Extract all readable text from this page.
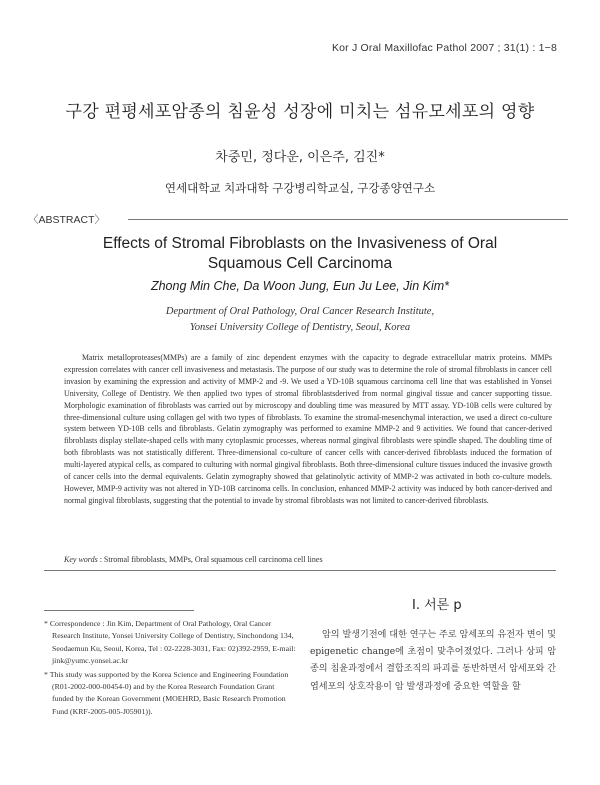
Kor J Oral Maxillofac Pathol 2007 ; 31(1) : 1−8
구강 편평세포암종의 침윤성 성장에 미치는 섬유모세포의 영향
차중민, 정다운, 이은주, 김진*
연세대학교 치과대학 구강병리학교실, 구강종양연구소
〈ABSTRACT〉
Effects of Stromal Fibroblasts on the Invasiveness of Oral
Squamous Cell Carcinoma
Zhong Min Che, Da Woon Jung, Eun Ju Lee, Jin Kim*
Department of Oral Pathology, Oral Cancer Research Institute,
Yonsei University College of Dentistry, Seoul, Korea

Matrix metalloproteases(MMPs) are a family of zinc dependent enzymes with the capacity to degrade extracellular matrix proteins. MMPs expression correlates with cancer cell invasiveness and metastasis. The purpose of our study was to determine the role of stromal fibroblasts in cancer cell invasion by examining the expression and activity of MMP-2 and -9. We used a YD-10B squamous carcinoma cell line that was established in Yonsei University, College of Dentistry. We then applied two types of stromal fibroblastsderived from normal gingival tissue and cancer supporting tissue. Morphologic examination of fibroblasts was carried out by microscopy and doubling time was measured by MTT assay. YD-10B cells were cultured by three-dimensional culture using collagen gel with two types of fibroblasts. To examine the stromal-mesenchymal interaction, we used a direct co-culture system between YD-10B cells and fibroblasts. Gelatin zymography was performed to examine MMP-2 and 9 activities. We found that cancer-derived fibroblasts display stellate-shaped cells with many cytoplasmic processes, whereas normal gingival fibroblasts were spindle shaped. The doubling time of both fibroblasts was not statistically different. Three-dimensional co-culture of cancer cells with cancer-derived fibroblasts induced the formation of multi-layered atypical cells, as compared to culturing with normal gingival fibroblasts. Both three-dimensional culture tissues induced the invasive growth of cancer cells into the dermal equivalents. Gelatin zymography showed that gelatinolytic activity of MMP-2 was activated in both co-culture models. However, MMP-9 activity was not altered in YD-10B carcinoma cells. In conclusion, enhanced MMP-2 activity was induced by both cancer-derived and normal gingival fibroblasts, suggesting that the potential to invade by stromal fibroblasts was not limited to cancer-derived fibroblasts.

Key words : Stromal fibroblasts, MMPs, Oral squamous cell carcinoma cell lines

* Correspondence : Jin Kim, Department of Oral Pathology, Oral Cancer Research Institute, Yonsei University College of Dentistry, Sinchondong 134, Seodaemun Ku, Seoul, Korea, Tel : 02-2228-3031, Fax: 02)392-2959, E-mail: jink@yumc.yonsei.ac.kr

* This study was supported by the Korea Science and Engineering Foundation (R01-2002-000-00454-0) and by the Korea Research Foundation Grant funded by the Korean Government (MOEHRD, Basic Research Promotion Fund (KRF-2005-005-J05901)).

I. 서론 p

암의 발생기전에 대한 연구는 주로 암세포의 유전자 변이 및 epigenetic change에 초점이 맞추어졌었다. 그러나 상피 암종의 침윤과정에서 결합조직의 파괴를 동반하면서 암세포와 간엽세포의 상호작용이 암 발생과정에 중요한 역할을 할
